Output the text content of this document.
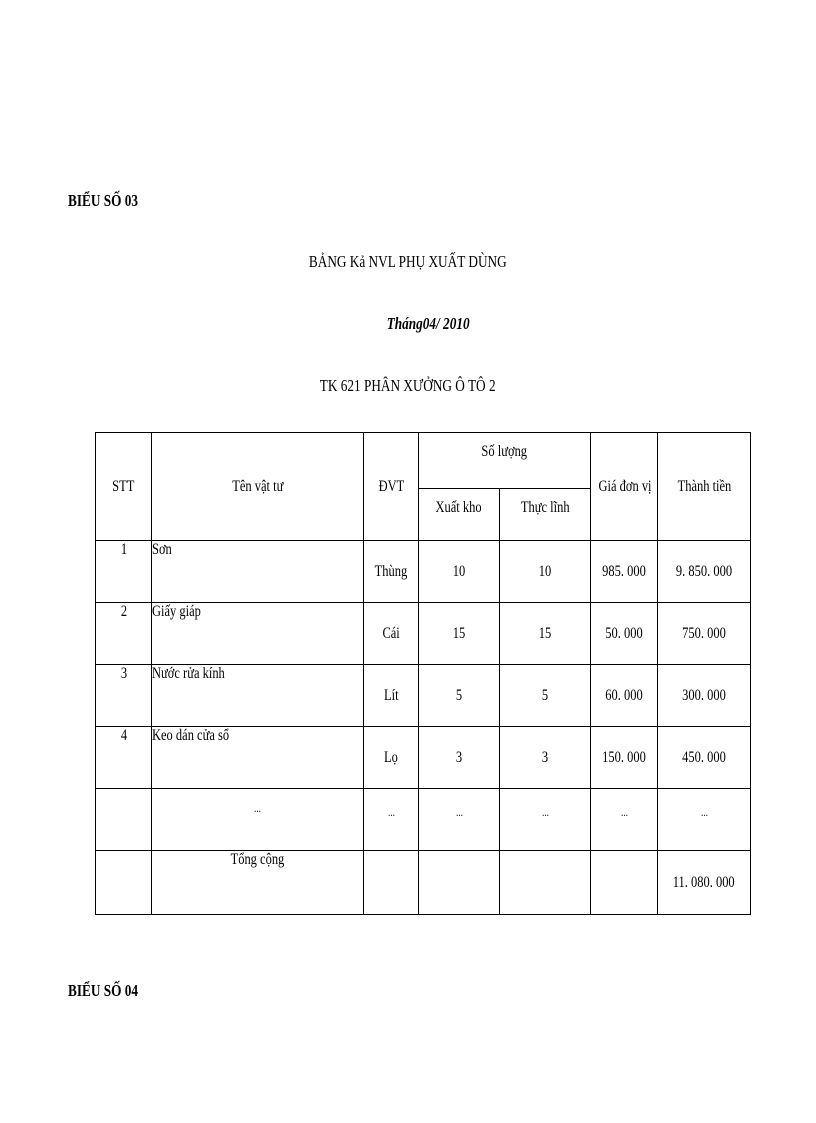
BIỂU SỐ 03
BẢNG Kả NVL PHỤ XUẤT DÙNG
Tháng04/ 2010
TK 621 PHÂN XƯỞNG Ô TÔ 2
STT	Tên vật tư	ĐVT	Số lượng		Giá đơn vị	Thành tiền
			Xuất kho	Thực lĩnh		
1	Sơn	Thùng	10	10	985. 000	9. 850. 000
2	Giấy giáp	Cái	15	15	50. 000	750. 000
3	Nước rửa kính	Lít	5	5	60. 000	300. 000
4	Keo dán cửa sổ	Lọ	3	3	150. 000	450. 000
	...	...	...	...	...	...
	Tổng cộng					11. 080. 000
BIỂU SỐ 04
